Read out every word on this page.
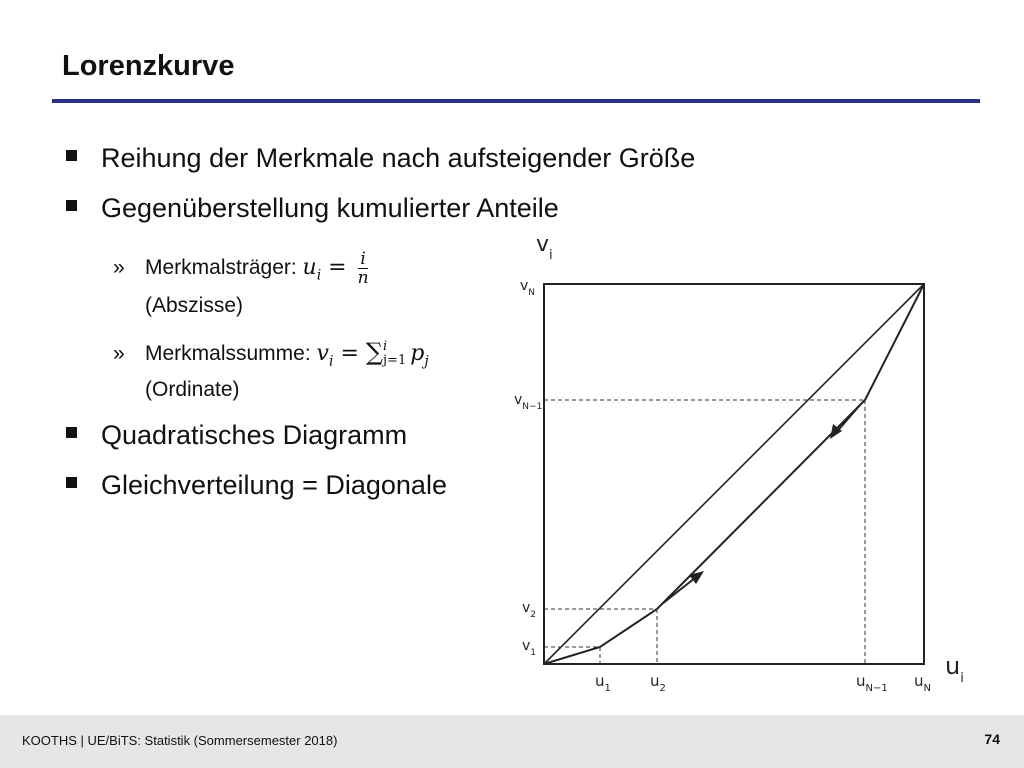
Lorenzkurve
Reihung der Merkmale nach aufsteigender Größe
Gegenüberstellung kumulierter Anteile
» Merkmalsträger: $u_i = \frac{i}{n}$
(Abszisse)
» Merkmalssumme: $v_i$ = ∑ i
j=1 $p_j$
(Ordinate)
Quadratisches Diagramm
Gleichverteilung = Diagonale
$v_i$
$u_i$
$v_N$
$v_{N-1}$
$v_2$
$v_1$
$u_1$	$u_2$	$u_{N-1}$ $u_N$
KOOTHS | UE/BiTS: Statistik (Sommersemester 2018)	74
